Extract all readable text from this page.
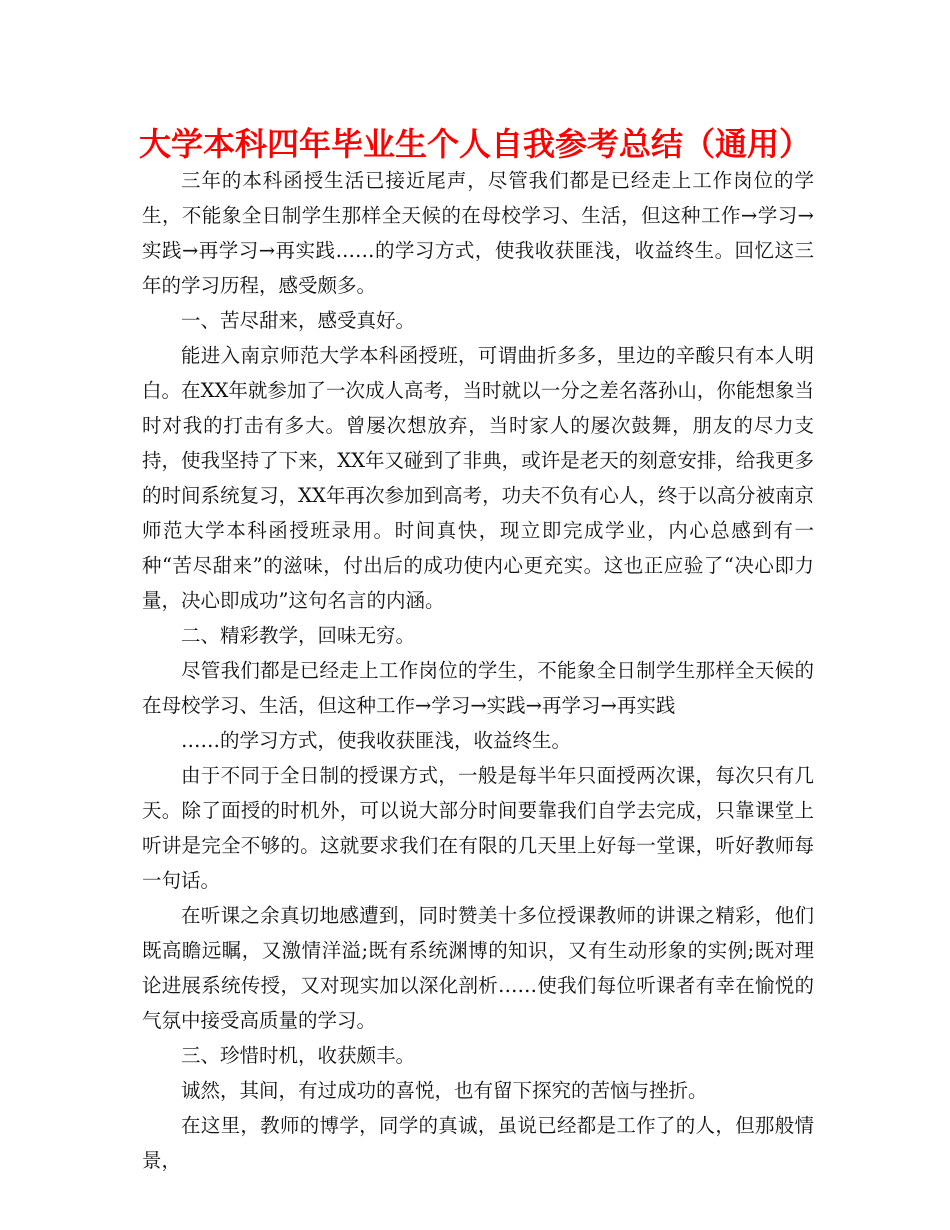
大学本科四年毕业生个人自我参考总结（通用）

三年的本科函授生活已接近尾声，尽管我们都是已经走上工作岗位的学生，不能象全日制学生那样全天候的在母校学习、生活，但这种工作→学习→实践→再学习→再实践……的学习方式，使我收获匪浅，收益终生。回忆这三年的学习历程，感受颇多。

一、苦尽甜来，感受真好。

能进入南京师范大学本科函授班，可谓曲折多多，里边的辛酸只有本人明白。在XX年就参加了一次成人高考，当时就以一分之差名落孙山，你能想象当时对我的打击有多大。曾屡次想放弃，当时家人的屡次鼓舞，朋友的尽力支持，使我坚持了下来，XX年又碰到了非典，或许是老天的刻意安排，给我更多的时间系统复习，XX年再次参加到高考，功夫不负有心人，终于以高分被南京师范大学本科函授班录用。时间真快，现立即完成学业，内心总感到有一种“苦尽甜来”的滋味，付出后的成功使内心更充实。这也正应验了“决心即力量，决心即成功”这句名言的内涵。

二、精彩教学，回味无穷。

尽管我们都是已经走上工作岗位的学生，不能象全日制学生那样全天候的在母校学习、生活，但这种工作→学习→实践→再学习→再实践

……的学习方式，使我收获匪浅，收益终生。

由于不同于全日制的授课方式，一般是每半年只面授两次课，每次只有几天。除了面授的时机外，可以说大部分时间要靠我们自学去完成，只靠课堂上听讲是完全不够的。这就要求我们在有限的几天里上好每一堂课，听好教师每一句话。

在听课之余真切地感遭到，同时赞美十多位授课教师的讲课之精彩，他们既高瞻远瞩，又激情洋溢;既有系统渊博的知识，又有生动形象的实例;既对理论进展系统传授，又对现实加以深化剖析……使我们每位听课者有幸在愉悦的气氛中接受高质量的学习。

三、珍惜时机，收获颇丰。

诚然，其间，有过成功的喜悦，也有留下探究的苦恼与挫折。

在这里，教师的博学，同学的真诚，虽说已经都是工作了的人，但那般情景，
